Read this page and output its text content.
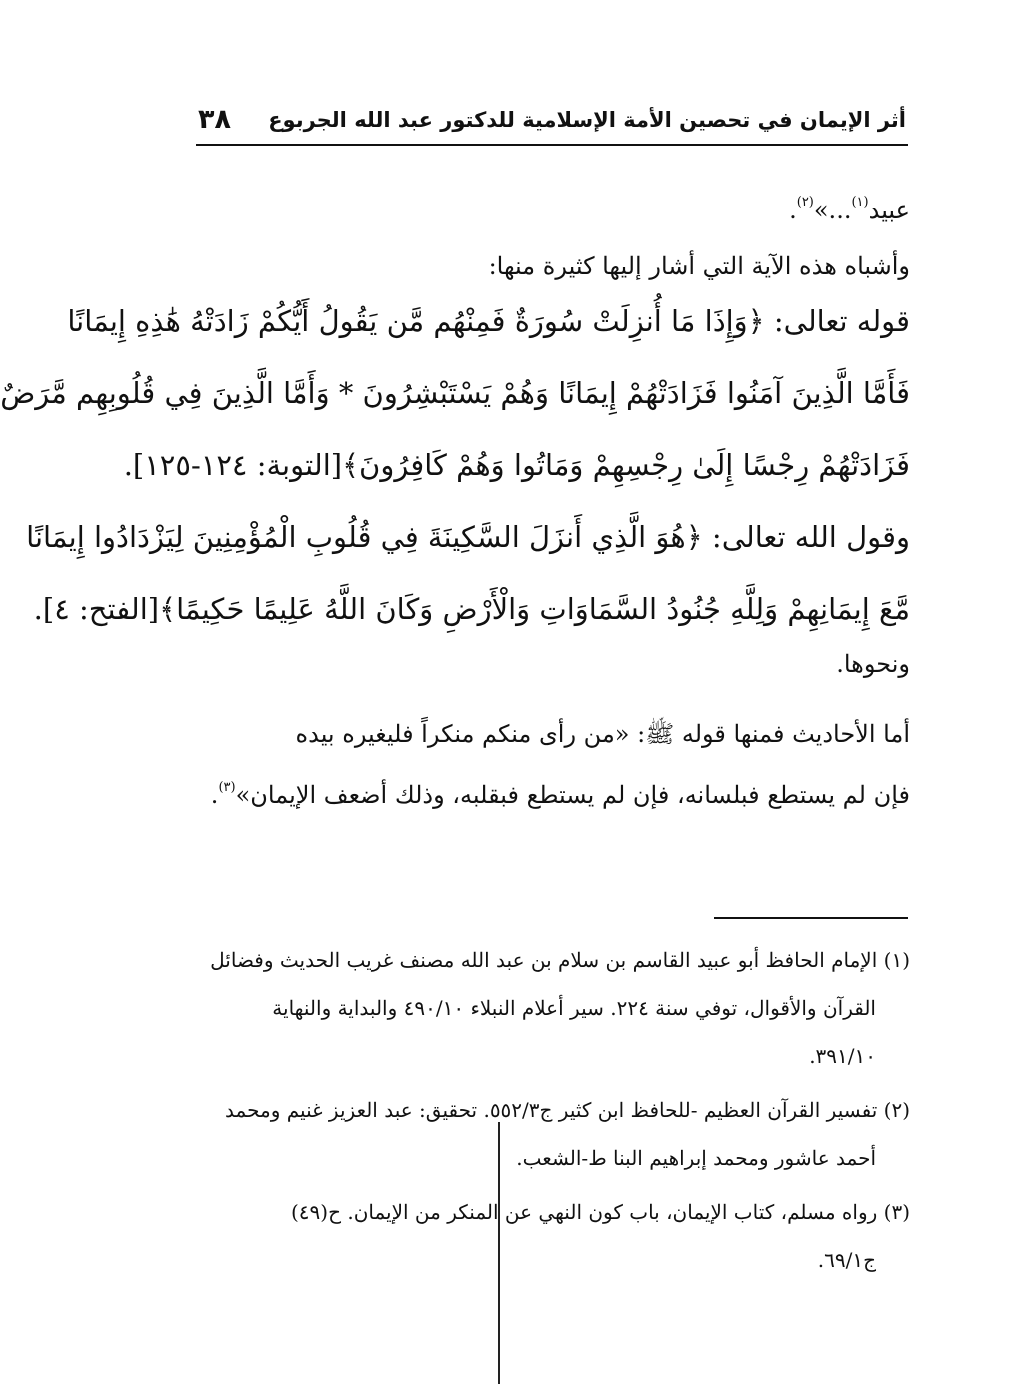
أثر الإيمان في تحصين الأمة الإسلامية للدكتور عبد الله الجربوع
٣٨
عبيد$^{(١)}$...»$^{(٢)}$.
وأشباه هذه الآية التي أشار إليها كثيرة منها:
قوله تعالى: ﴿وَإِذَا مَا أُنزِلَتْ سُورَةٌ فَمِنْهُم مَّن يَقُولُ أَيُّكُمْ زَادَتْهُ هَٰذِهِ إِيمَانًا
فَأَمَّا الَّذِينَ آمَنُوا فَزَادَتْهُمْ إِيمَانًا وَهُمْ يَسْتَبْشِرُونَ * وَأَمَّا الَّذِينَ فِي قُلُوبِهِم مَّرَضٌ
فَزَادَتْهُمْ رِجْسًا إِلَىٰ رِجْسِهِمْ وَمَاتُوا وَهُمْ كَافِرُونَ﴾[التوبة: ١٢٤-١٢٥].
وقول الله تعالى: ﴿هُوَ الَّذِي أَنزَلَ السَّكِينَةَ فِي قُلُوبِ الْمُؤْمِنِينَ لِيَزْدَادُوا إِيمَانًا
مَّعَ إِيمَانِهِمْ وَلِلَّهِ جُنُودُ السَّمَاوَاتِ وَالْأَرْضِ وَكَانَ اللَّهُ عَلِيمًا حَكِيمًا﴾[الفتح: ٤].
ونحوها.
أما الأحاديث فمنها قوله ﷺ: «من رأى منكم منكراً فليغيره بيده
فإن لم يستطع فبلسانه، فإن لم يستطع فبقلبه، وذلك أضعف الإيمان»$^{(٣)}$.
(١) الإمام الحافظ أبو عبيد القاسم بن سلام بن عبد الله مصنف غريب الحديث وفضائل
القرآن والأقوال، توفي سنة ٢٢٤. سير أعلام النبلاء ٤٩٠/١٠ والبداية والنهاية
٣٩١/١٠.
(٢) تفسير القرآن العظيم -للحافظ ابن كثير ج٥٥٢/٣. تحقيق: عبد العزيز غنيم ومحمد
أحمد عاشور ومحمد إبراهيم البنا ط-الشعب.
(٣) رواه مسلم، كتاب الإيمان، باب كون النهي عن المنكر من الإيمان. ح(٤٩)
ج٦٩/١.
